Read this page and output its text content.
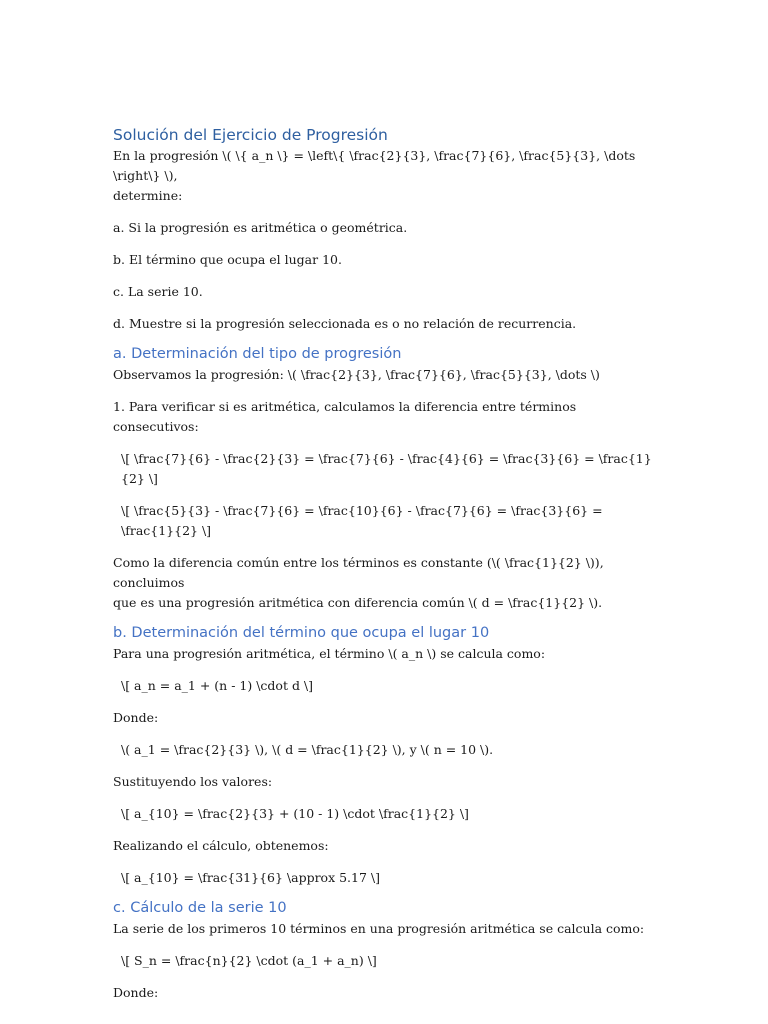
Solución del Ejercicio de Progresión

En la progresión \( \{ a_n \} = \left\{ \frac{2}{3}, \frac{7}{6}, \frac{5}{3}, \dots \right\} \),

determine:

a. Si la progresión es aritmética o geométrica.

b. El término que ocupa el lugar 10.

c. La serie 10.

d. Muestre si la progresión seleccionada es o no relación de recurrencia.

a. Determinación del tipo de progresión

Observamos la progresión: \( \frac{2}{3}, \frac{7}{6}, \frac{5}{3}, \dots \)

1. Para verificar si es aritmética, calculamos la diferencia entre términos consecutivos:

\[ \frac{7}{6} - \frac{2}{3} = \frac{7}{6} - \frac{4}{6} = \frac{3}{6} = \frac{1}{2} \]

\[ \frac{5}{3} - \frac{7}{6} = \frac{10}{6} - \frac{7}{6} = \frac{3}{6} = \frac{1}{2} \]

Como la diferencia común entre los términos es constante (\( \frac{1}{2} \)), concluimos

que es una progresión aritmética con diferencia común \( d = \frac{1}{2} \).

b. Determinación del término que ocupa el lugar 10

Para una progresión aritmética, el término \( a_n \) se calcula como:

\[ a_n = a_1 + (n - 1) \cdot d \]

Donde:

\( a_1 = \frac{2}{3} \), \( d = \frac{1}{2} \), y \( n = 10 \).

Sustituyendo los valores:

\[ a_{10} = \frac{2}{3} + (10 - 1) \cdot \frac{1}{2} \]

Realizando el cálculo, obtenemos:

\[ a_{10} = \frac{31}{6} \approx 5.17 \]

c. Cálculo de la serie 10

La serie de los primeros 10 términos en una progresión aritmética se calcula como:

\[ S_n = \frac{n}{2} \cdot (a_1 + a_n) \]

Donde:
